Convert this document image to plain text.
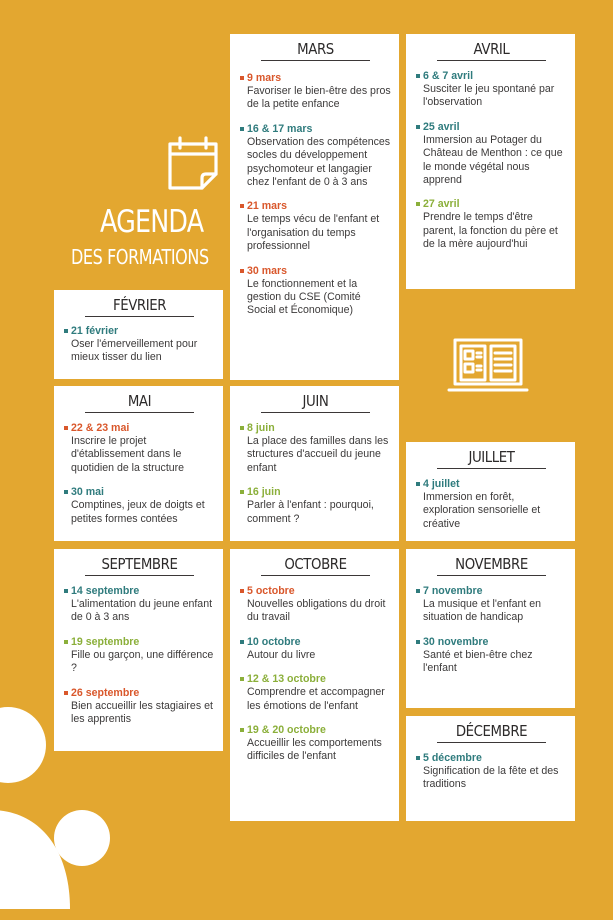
AGENDA
DES FORMATIONS
MARS
9 mars
Favoriser le bien-être des pros de la petite enfance
16 & 17 mars
Observation des compétences socles du développement psychomoteur et langagier chez l'enfant de 0 à 3 ans
21 mars
Le temps vécu de l'enfant et l'organisation du temps professionnel
30 mars
Le fonctionnement et la gestion du CSE (Comité Social et Économique)
AVRIL
6 & 7 avril
Susciter le jeu spontané par l'observation
25 avril
Immersion au Potager du Château de Menthon : ce que le monde végétal nous apprend
27 avril
Prendre le temps d'être parent, la fonction du père et de la mère aujourd'hui
FÉVRIER
21 février
Oser l'émerveillement pour mieux tisser du lien
MAI
22 & 23 mai
Inscrire le projet d'établissement dans le quotidien de la structure
30 mai
Comptines, jeux de doigts et petites formes contées
JUIN
8 juin
La place des familles dans les structures d'accueil du jeune enfant
16 juin
Parler à l'enfant : pourquoi, comment ?
JUILLET
4 juillet
Immersion en forêt, exploration sensorielle et créative
SEPTEMBRE
14 septembre
L'alimentation du jeune enfant de 0 à 3 ans
19 septembre
Fille ou garçon, une différence ?
26 septembre
Bien accueillir les stagiaires et les apprentis
OCTOBRE
5 octobre
Nouvelles obligations du droit du travail
10 octobre
Autour du livre
12 & 13 octobre
Comprendre et accompagner les émotions de l'enfant
19 & 20 octobre
Accueillir les comportements difficiles de l'enfant
NOVEMBRE
7 novembre
La musique et l'enfant en situation de handicap
30 novembre
Santé et bien-être chez l'enfant
DÉCEMBRE
5 décembre
Signification de la fête et des traditions
